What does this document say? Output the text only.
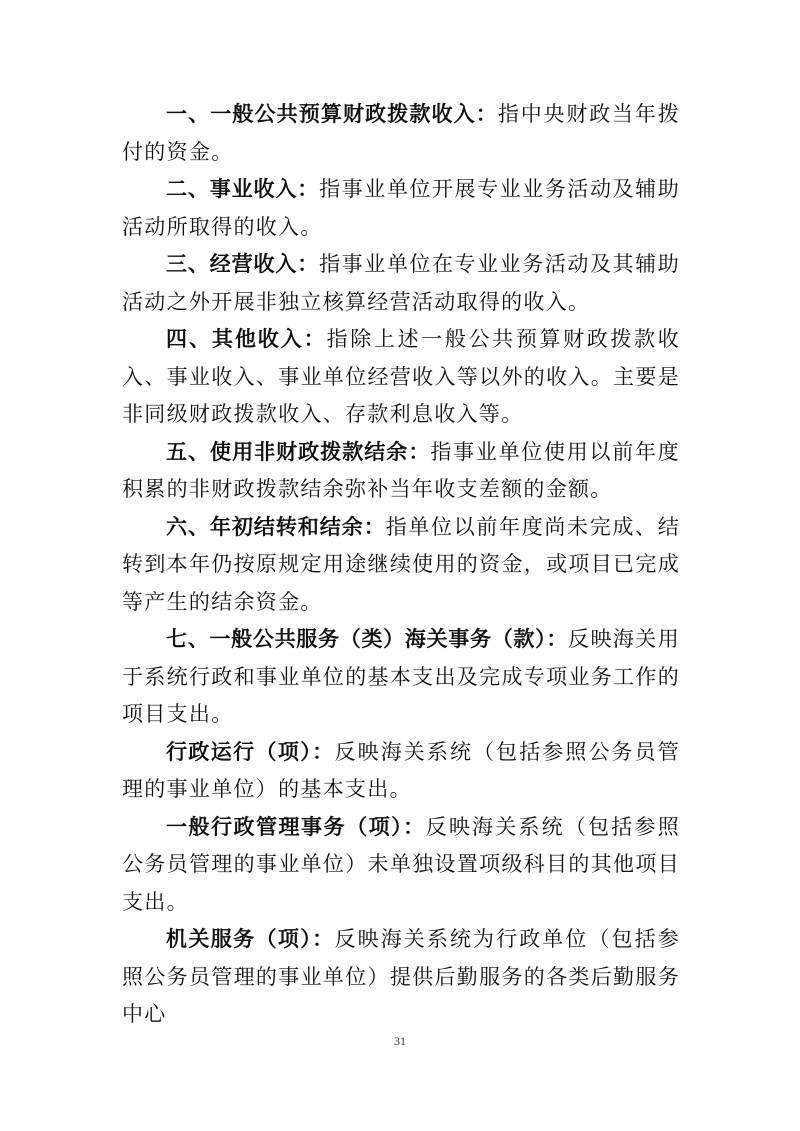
一、一般公共预算财政拨款收入：指中央财政当年拨付的资金。

二、事业收入：指事业单位开展专业业务活动及辅助活动所取得的收入。

三、经营收入：指事业单位在专业业务活动及其辅助活动之外开展非独立核算经营活动取得的收入。

四、其他收入：指除上述一般公共预算财政拨款收入、事业收入、事业单位经营收入等以外的收入。主要是非同级财政拨款收入、存款利息收入等。

五、使用非财政拨款结余：指事业单位使用以前年度积累的非财政拨款结余弥补当年收支差额的金额。

六、年初结转和结余：指单位以前年度尚未完成、结转到本年仍按原规定用途继续使用的资金，或项目已完成等产生的结余资金。

七、一般公共服务（类）海关事务（款）：反映海关用于系统行政和事业单位的基本支出及完成专项业务工作的项目支出。

行政运行（项）：反映海关系统（包括参照公务员管理的事业单位）的基本支出。

一般行政管理事务（项）：反映海关系统（包括参照公务员管理的事业单位）未单独设置项级科目的其他项目支出。

机关服务（项）：反映海关系统为行政单位（包括参照公务员管理的事业单位）提供后勤服务的各类后勤服务中心

31
